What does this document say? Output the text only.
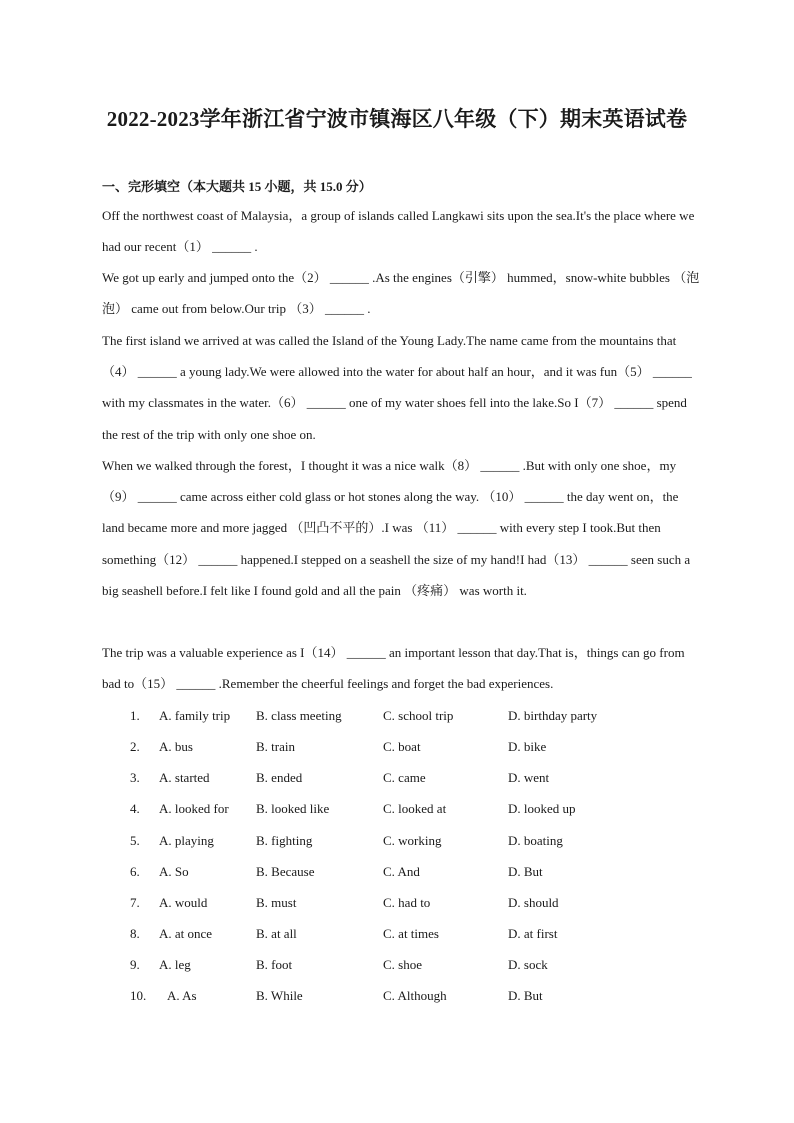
2022-2023学年浙江省宁波市镇海区八年级（下）期末英语试卷
一、完形填空（本大题共 15 小题，共 15.0 分）
Off the northwest coast of Malaysia，a group of islands called Langkawi sits upon the sea.It's the place where we had our recent（1） ______ .
We got up early and jumped onto the（2） ______ .As the engines（引擎） hummed，snow-white bubbles （泡泡） came out from below.Our trip （3） ______ .
The first island we arrived at was called the Island of the Young Lady.The name came from the mountains that（4） ______ a young lady.We were allowed into the water for about half an hour，and it was fun（5） ______ with my classmates in the water.（6） ______ one of my water shoes fell into the lake.So I（7） ______ spend the rest of the trip with only one shoe on.
When we walked through the forest，I thought it was a nice walk（8） ______ .But with only one shoe，my（9） ______ came across either cold glass or hot stones along the way. （10） ______ the day went on，the land became more and more jagged （凹凸不平的）.I was （11） ______ with every step I took.But then something（12） ______ happened.I stepped on a seashell the size of my hand!I had（13） ______ seen such a big seashell before.I felt like I found gold and all the pain （疼痛） was worth it.
The trip was a valuable experience as I（14） ______ an important lesson that day.That is，things can go from bad to（15） ______ .Remember the cheerful feelings and forget the bad experiences.
1. A. family trip B. class meeting	C. school trip	D. birthday party
2. A. bus	B. train	C. boat	D. bike
3. A. started	B. ended	C. came	D. went
4. A. looked for B. looked like	C. looked at	D. looked up
5. A. playing	B. fighting	C. working	D. boating
6. A. So	B. Because	C. And	D. But
7. A. would	B. must	C. had to	D. should
8. A. at once	B. at all	C. at times	D. at first
9. A. leg	B. foot	C. shoe	D. sock
10. A. As	B. While	C. Although	D. But
